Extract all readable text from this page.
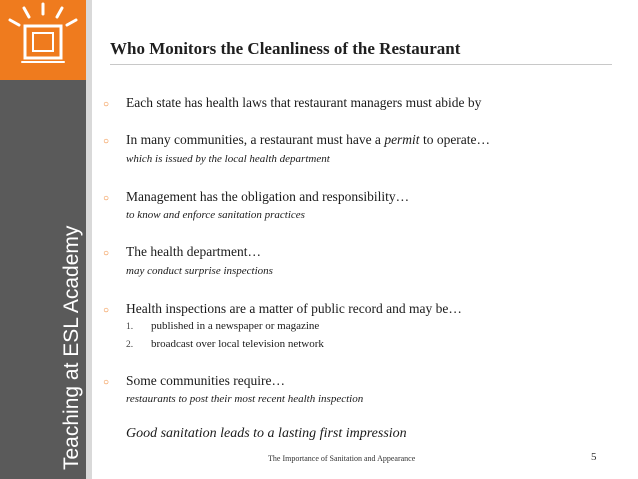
Teaching at ESL Academy
Who Monitors the Cleanliness of the Restaurant
○ Each state has health laws that restaurant managers must abide by
○ In many communities, a restaurant must have a permit to operate…
which is issued by the local health department
○ Management has the obligation and responsibility…
to know and enforce sanitation practices
○ The health department…
may conduct surprise inspections
○ Health inspections are a matter of public record and may be…
1. published in a newspaper or magazine
2. broadcast over local television network
○ Some communities require…
restaurants to post their most recent health inspection
Good sanitation leads to a lasting first impression
The Importance of Sanitation and Appearance	5
